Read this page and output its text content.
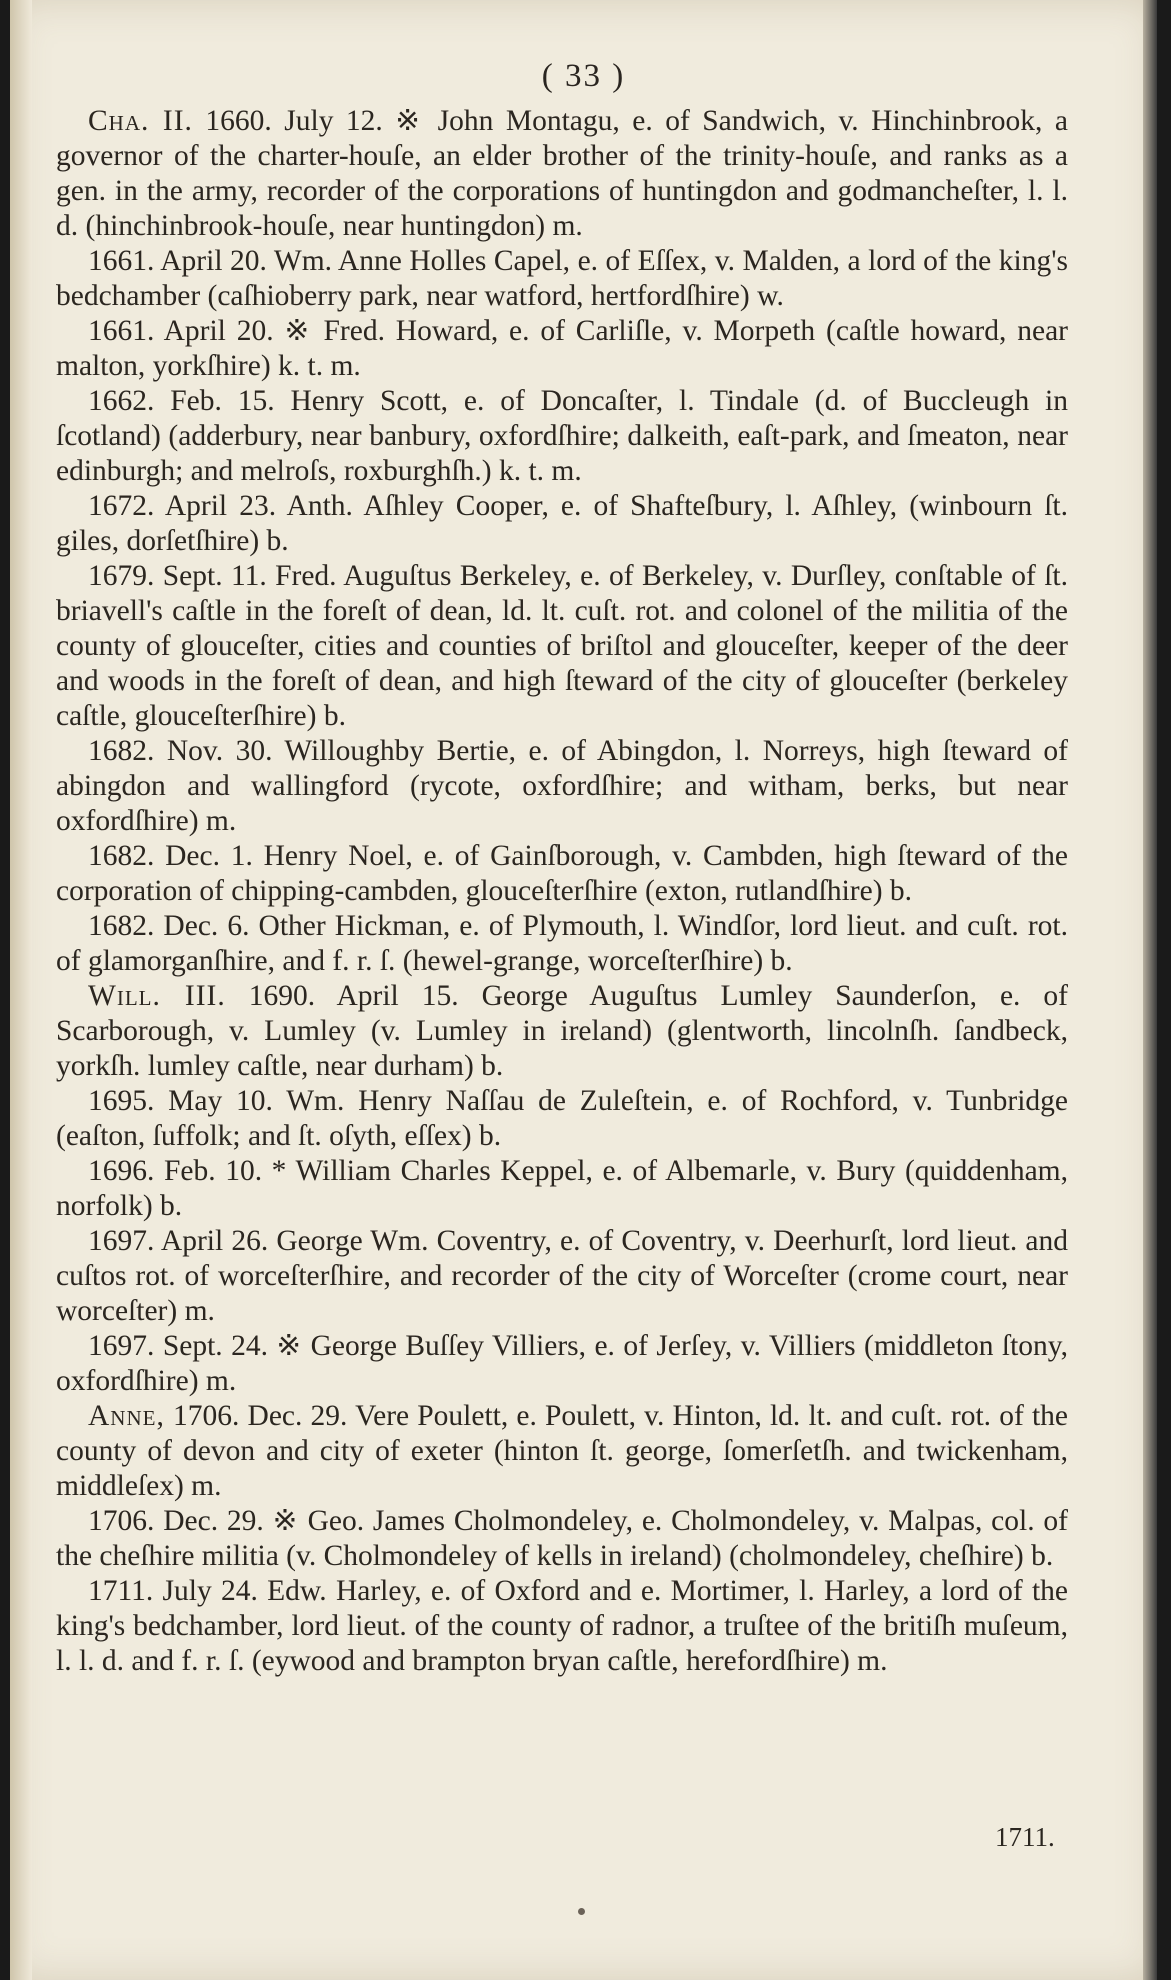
( 33 )

Cha. II. 1660. July 12. ※ John Montagu, e. of Sandwich, v. Hinchinbrook, a governor of the charter-houſe, an elder brother of the trinity-houſe, and ranks as a gen. in the army, recorder of the corporations of huntingdon and godmancheſter, l. l. d. (hinchinbrook-houſe, near huntingdon) m.

1661. April 20. Wm. Anne Holles Capel, e. of Eſſex, v. Malden, a lord of the king's bedchamber (caſhioberry park, near watford, hertfordſhire) w.

1661. April 20. ※ Fred. Howard, e. of Carliſle, v. Morpeth (caſtle howard, near malton, yorkſhire) k. t. m.

1662. Feb. 15. Henry Scott, e. of Doncaſter, l. Tindale (d. of Buccleugh in ſcotland) (adderbury, near banbury, oxfordſhire; dalkeith, eaſt-park, and ſmeaton, near edinburgh; and melroſs, roxburghſh.) k. t. m.

1672. April 23. Anth. Aſhley Cooper, e. of Shafteſbury, l. Aſhley, (winbourn ſt. giles, dorſetſhire) b.

1679. Sept. 11. Fred. Auguſtus Berkeley, e. of Berkeley, v. Durſley, conſtable of ſt. briavell's caſtle in the foreſt of dean, ld. lt. cuſt. rot. and colonel of the militia of the county of glouceſter, cities and counties of briſtol and glouceſter, keeper of the deer and woods in the foreſt of dean, and high ſteward of the city of glouceſter (berkeley caſtle, glouceſterſhire) b.

1682. Nov. 30. Willoughby Bertie, e. of Abingdon, l. Norreys, high ſteward of abingdon and wallingford (rycote, oxfordſhire; and witham, berks, but near oxfordſhire) m.

1682. Dec. 1. Henry Noel, e. of Gainſborough, v. Cambden, high ſteward of the corporation of chipping-cambden, glouceſterſhire (exton, rutlandſhire) b.

1682. Dec. 6. Other Hickman, e. of Plymouth, l. Windſor, lord lieut. and cuſt. rot. of glamorganſhire, and f. r. ſ. (hewel-grange, worceſterſhire) b.

Will. III. 1690. April 15. George Auguſtus Lumley Saunderſon, e. of Scarborough, v. Lumley (v. Lumley in ireland) (glentworth, lincolnſh. ſandbeck, yorkſh. lumley caſtle, near durham) b.

1695. May 10. Wm. Henry Naſſau de Zuleſtein, e. of Rochford, v. Tunbridge (eaſton, ſuffolk; and ſt. oſyth, eſſex) b.

1696. Feb. 10. * William Charles Keppel, e. of Albemarle, v. Bury (quiddenham, norfolk) b.

1697. April 26. George Wm. Coventry, e. of Coventry, v. Deerhurſt, lord lieut. and cuſtos rot. of worceſterſhire, and recorder of the city of Worceſter (crome court, near worceſter) m.

1697. Sept. 24. ※ George Buſſey Villiers, e. of Jerſey, v. Villiers (middleton ſtony, oxfordſhire) m.

Anne, 1706. Dec. 29. Vere Poulett, e. Poulett, v. Hinton, ld. lt. and cuſt. rot. of the county of devon and city of exeter (hinton ſt. george, ſomerſetſh. and twickenham, middleſex) m.

1706. Dec. 29. ※ Geo. James Cholmondeley, e. Cholmondeley, v. Malpas, col. of the cheſhire militia (v. Cholmondeley of kells in ireland) (cholmondeley, cheſhire) b.

1711. July 24. Edw. Harley, e. of Oxford and e. Mortimer, l. Harley, a lord of the king's bedchamber, lord lieut. of the county of radnor, a truſtee of the britiſh muſeum, l. l. d. and f. r. ſ. (eywood and brampton bryan caſtle, herefordſhire) m.

1711.
